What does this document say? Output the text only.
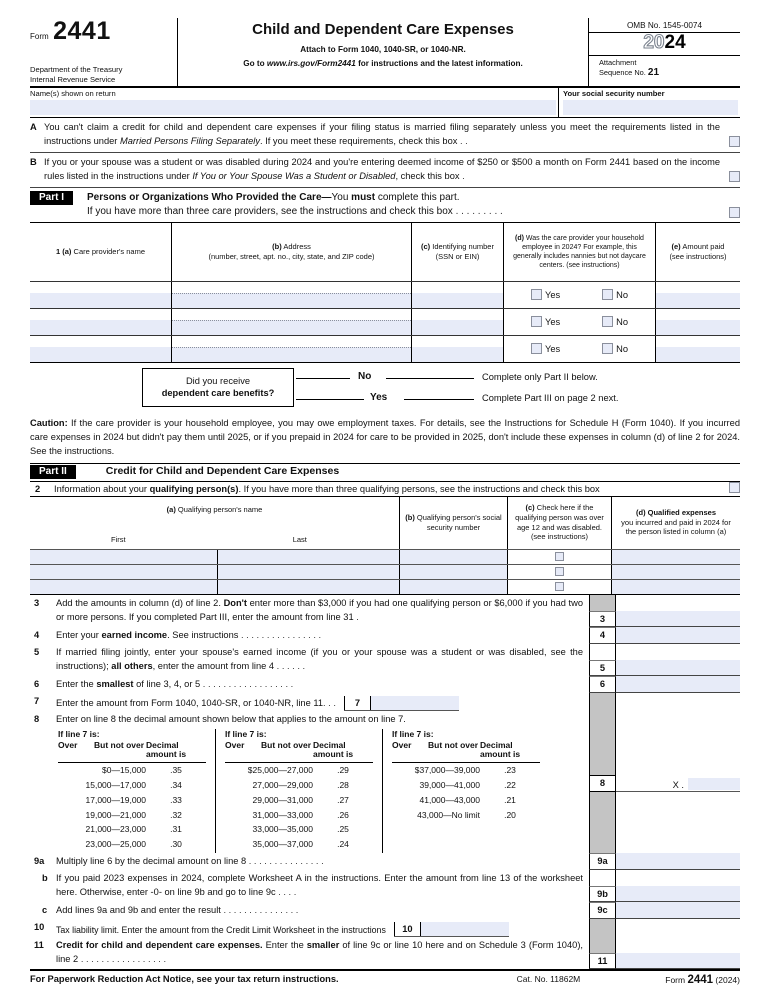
Form 2441
Department of the Treasury
Internal Revenue Service
Child and Dependent Care Expenses
Attach to Form 1040, 1040-SR, or 1040-NR.
Go to www.irs.gov/Form2441 for instructions and the latest information.
OMB No. 1545-0074
2024
Attachment
Sequence No. 21
Name(s) shown on return	Your social security number
A You can't claim a credit for child and dependent care expenses if your filing status is married filing separately unless you meet the requirements listed in the instructions under Married Persons Filing Separately. If you meet these requirements, check this box . .
B If you or your spouse was a student or was disabled during 2024 and you're entering deemed income of $250 or $500 a month on Form 2441 based on the income rules listed in the instructions under If You or Your Spouse Was a Student or Disabled, check this box .
Part I	Persons or Organizations Who Provided the Care—You must complete this part.
If you have more than three care providers, see the instructions and check this box . . . . . . . . .
1 (a) Care provider's name
(b) Address
(number, street, apt. no., city, state, and ZIP code)
(c) Identifying number
(SSN or EIN)
(d) Was the care provider your household employee in 2024? For example, this generally includes nannies but not daycare centers. (see instructions)
(e) Amount paid
(see instructions)
Yes	No
Yes	No
Yes	No
Did you receive
dependent care benefits?
No	Complete only Part II below.
Yes	Complete Part III on page 2 next.
Caution: If the care provider is your household employee, you may owe employment taxes. For details, see the Instructions for Schedule H (Form 1040). If you incurred care expenses in 2024 but didn't pay them until 2025, or if you prepaid in 2024 for care to be provided in 2025, don't include these expenses in column (d) of line 2 for 2024. See the instructions.
Part II	Credit for Child and Dependent Care Expenses
2	Information about your qualifying person(s). If you have more than three qualifying persons, see the instructions and check this box
(a) Qualifying person's name
First	Last
(b) Qualifying person's social security number
(c) Check here if the qualifying person was over age 12 and was disabled. (see instructions)
(d) Qualified expenses
you incurred and paid in 2024 for the person listed in column (a)
3	Add the amounts in column (d) of line 2. Don't enter more than $3,000 if you had one qualifying person or $6,000 if you had two or more persons. If you completed Part III, enter the amount from line 31 .	3
4	Enter your earned income. See instructions . . . . . . . . . . . . . . . .	4
5	If married filing jointly, enter your spouse's earned income (if you or your spouse was a student or was disabled, see the instructions); all others, enter the amount from line 4 . . . . . .	5
6	Enter the smallest of line 3, 4, or 5 . . . . . . . . . . . . . . . . . .	6
7	Enter the amount from Form 1040, 1040-SR, or 1040-NR, line 11 . . .	7
8	Enter on line 8 the decimal amount shown below that applies to the amount on line 7.
If line 7 is:
Over	But not over Decimal amount is
$0—15,000	.35
15,000—17,000	.34
17,000—19,000	.33
19,000—21,000	.32
21,000—23,000	.31
23,000—25,000	.30
If line 7 is:
Over	But not over Decimal amount is
$25,000—27,000	.29
27,000—29,000	.28
29,000—31,000	.27
31,000—33,000	.26
33,000—35,000	.25
35,000—37,000	.24
If line 7 is:
Over	But not over Decimal amount is
$37,000—39,000	.23
39,000—41,000	.22
41,000—43,000	.21
43,000—No limit	.20
8	X .
9a	Multiply line 6 by the decimal amount on line 8 . . . . . . . . . . . . . . .	9a
b If you paid 2023 expenses in 2024, complete Worksheet A in the instructions. Enter the amount from line 13 of the worksheet here. Otherwise, enter -0- on line 9b and go to line 9c . . . .	9b
c Add lines 9a and 9b and enter the result . . . . . . . . . . . . . . .	9c
10	Tax liability limit. Enter the amount from the Credit Limit Worksheet in the instructions	10
11	Credit for child and dependent care expenses. Enter the smaller of line 9c or line 10 here and on Schedule 3 (Form 1040), line 2 . . . . . . . . . . . . . . . . .	11
For Paperwork Reduction Act Notice, see your tax return instructions.	Cat. No. 11862M	Form 2441 (2024)
